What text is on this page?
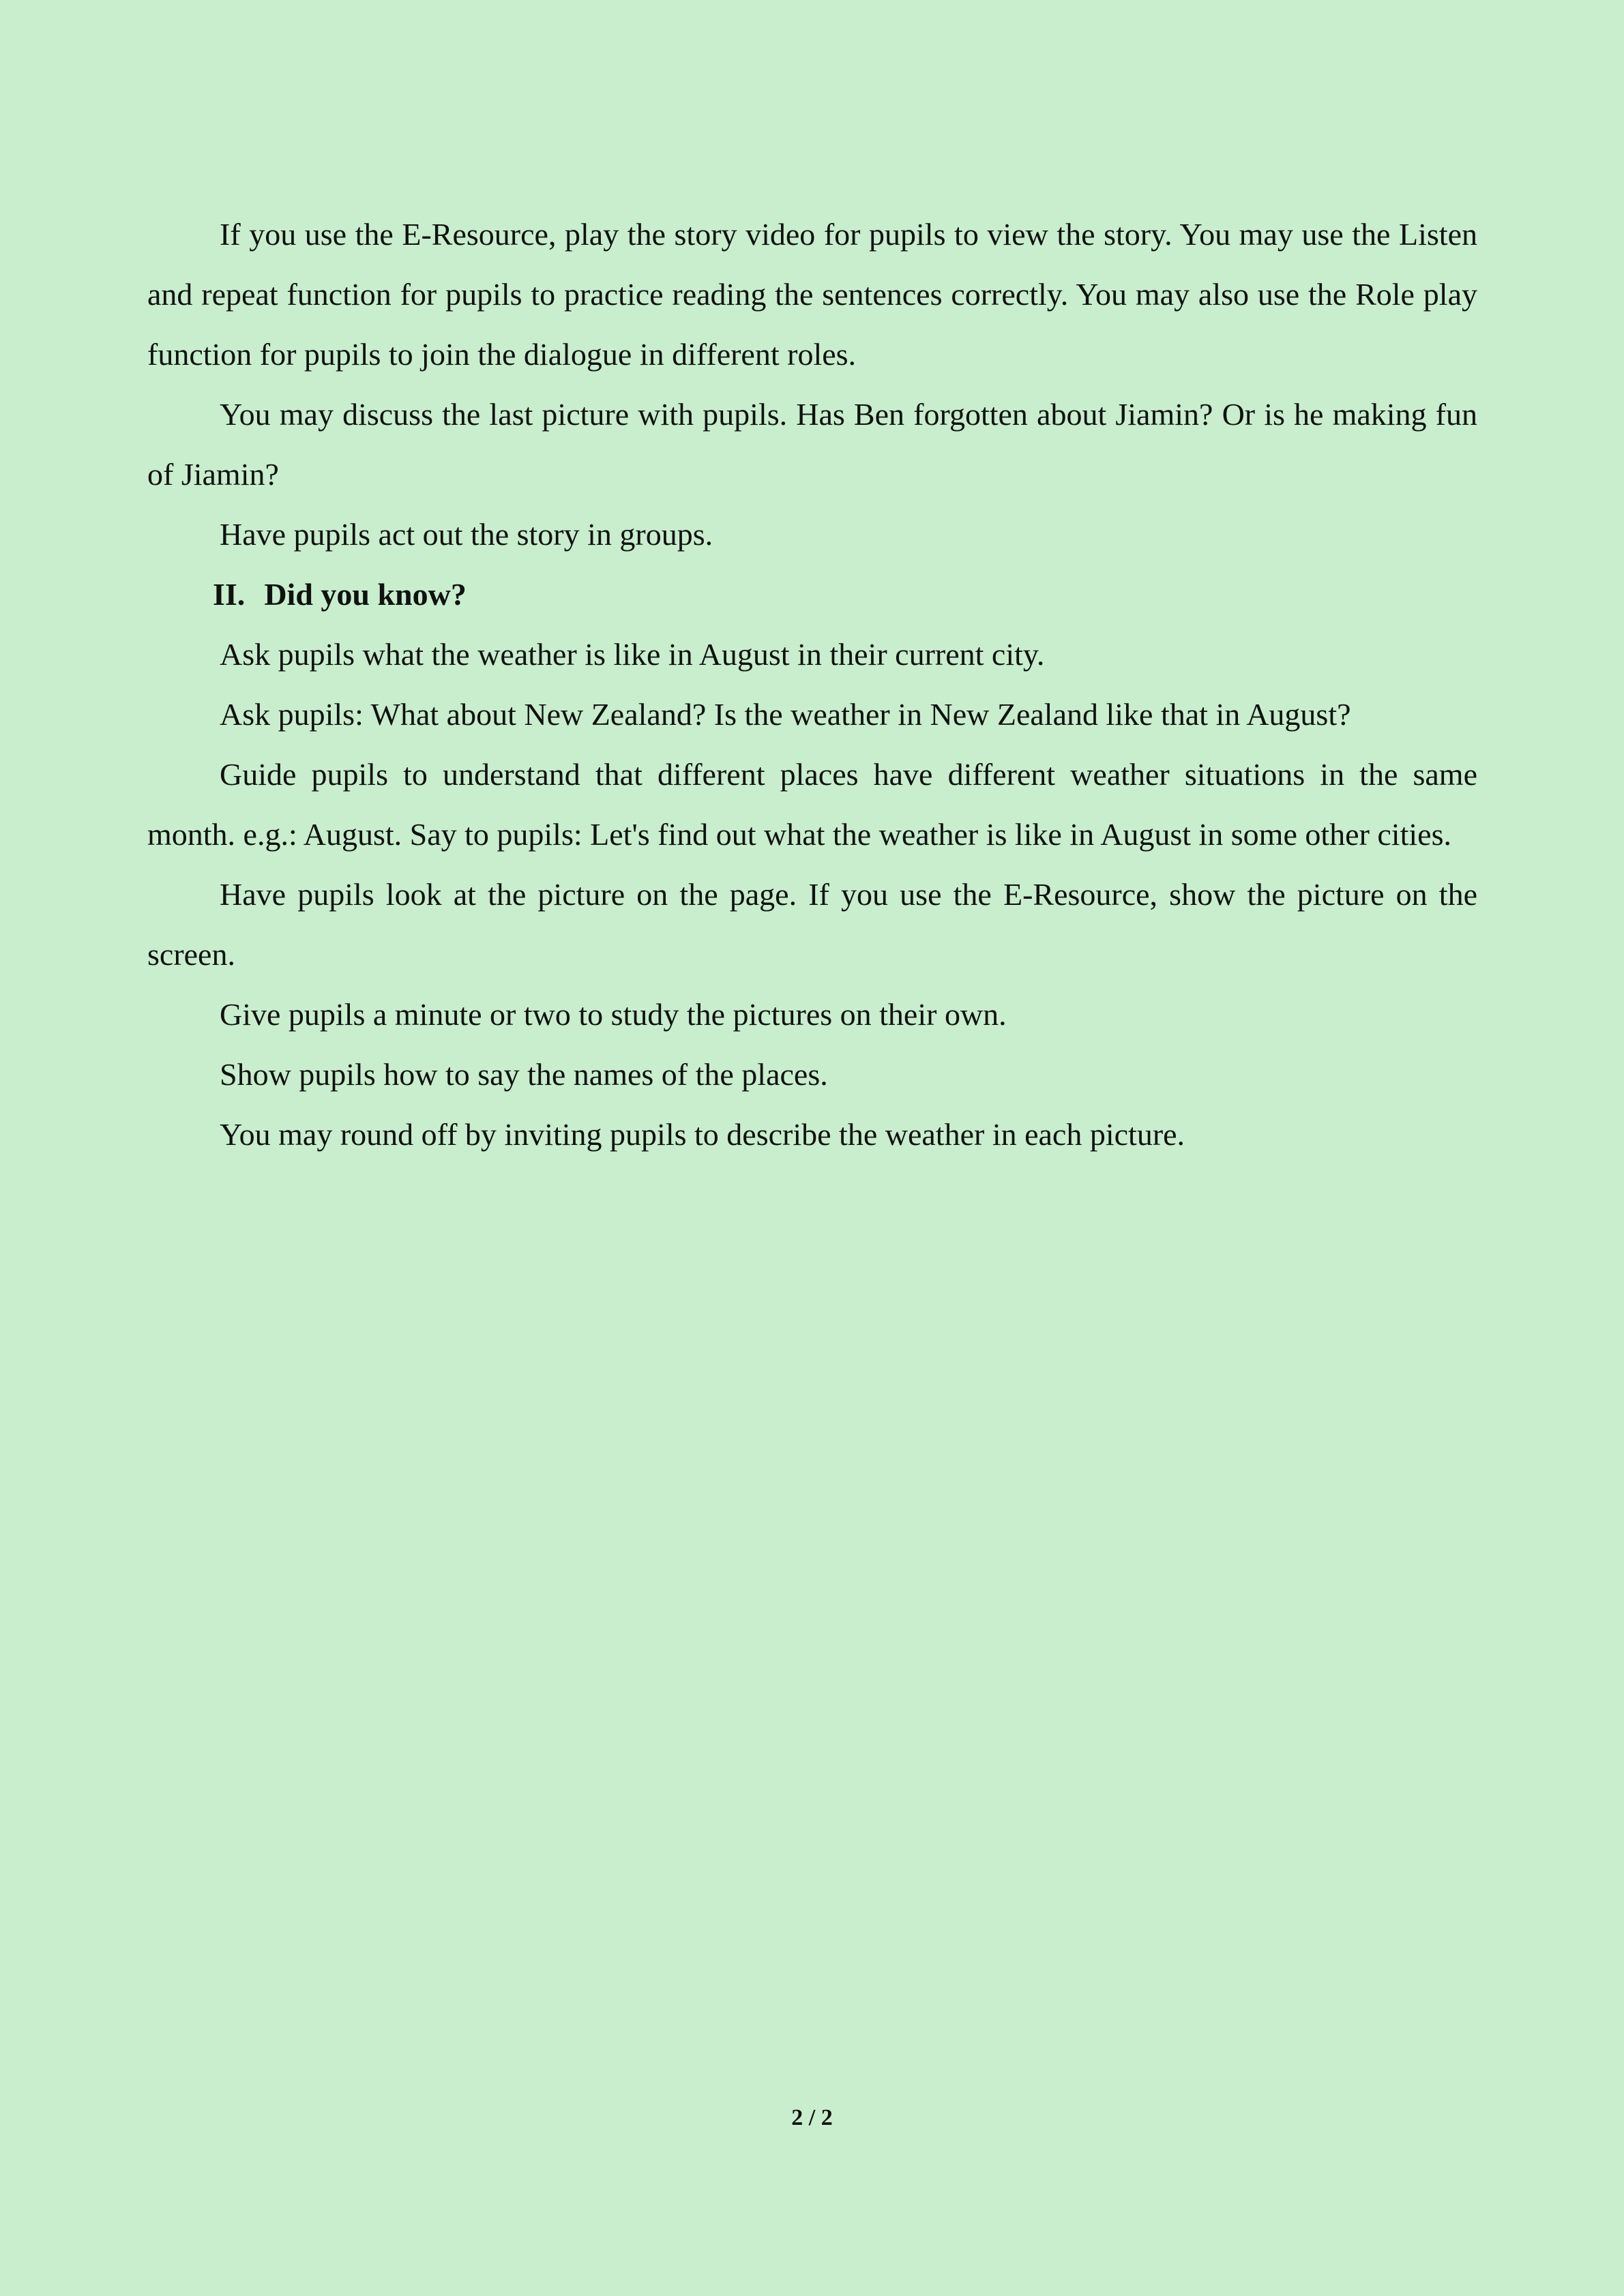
If you use the E-Resource, play the story video for pupils to view the story. You may use the Listen and repeat function for pupils to practice reading the sentences correctly. You may also use the Role play function for pupils to join the dialogue in different roles.

You may discuss the last picture with pupils. Has Ben forgotten about Jiamin? Or is he making fun of Jiamin?

Have pupils act out the story in groups.

II. Did you know?

Ask pupils what the weather is like in August in their current city.

Ask pupils: What about New Zealand? Is the weather in New Zealand like that in August?

Guide pupils to understand that different places have different weather situations in the same month. e.g.: August. Say to pupils: Let's find out what the weather is like in August in some other cities.

Have pupils look at the picture on the page. If you use the E-Resource, show the picture on the screen.

Give pupils a minute or two to study the pictures on their own.

Show pupils how to say the names of the places.

You may round off by inviting pupils to describe the weather in each picture.

2 / 2
